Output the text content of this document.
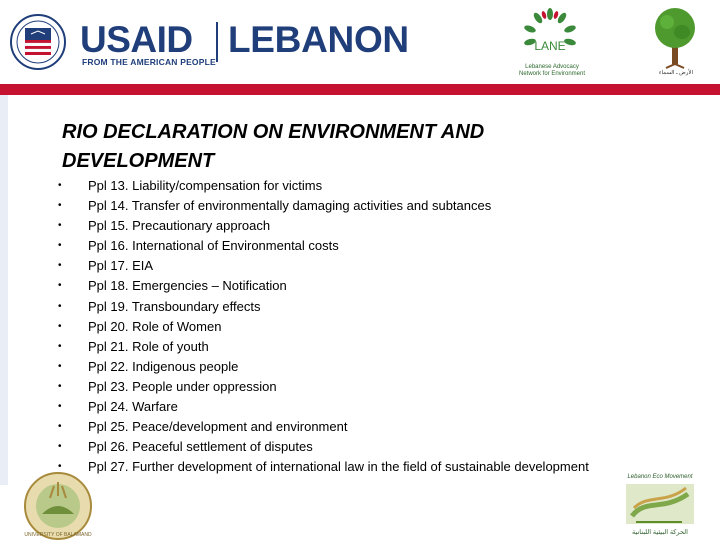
USAID
FROM THE AMERICAN PEOPLE
LEBANON	LANE
Lebanese Advocacy
Network for Environment	الأرض ـ السماء
RIO DECLARATION ON ENVIRONMENT AND
DEVELOPMENT
• Ppl 13. Liability/compensation for victims
• Ppl 14. Transfer of environmentally damaging activities and subtances
• Ppl 15. Precautionary approach
• Ppl 16. International of Environmental costs
• Ppl 17. EIA
• Ppl 18. Emergencies – Notification
• Ppl 19. Transboundary effects
• Ppl 20. Role of Women
• Ppl 21. Role of youth
• Ppl 22. Indigenous people
• Ppl 23. People under oppression
• Ppl 24. Warfare
• Ppl 25. Peace/development and environment
• Ppl 26. Peaceful settlement of disputes
• Ppl 27. Further development of international law in the field of sustainable development
UNIVERSITY OF BALAMAND
Lebanon Eco Movement
الحركة البيئية اللبنانية
